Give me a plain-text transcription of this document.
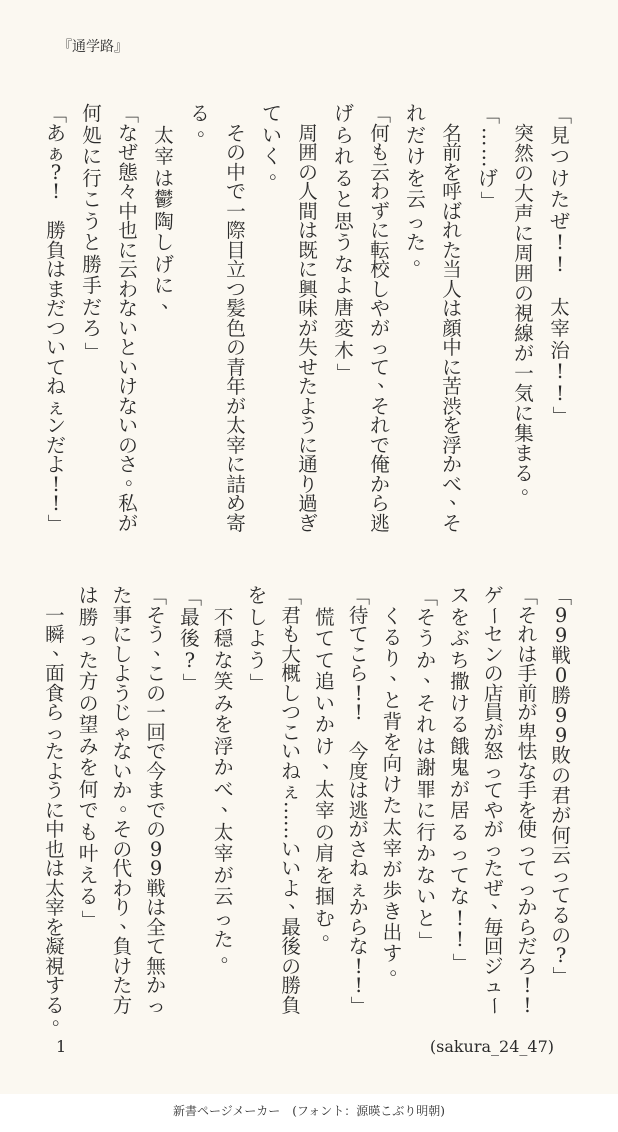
『通学路』
「
見
つ
け
た
ぜ
!
!

太
宰
治
!
!
」

突
然
の
大
声
に
周
囲
の
視
線
が
一
気
に
集
ま
る
。
「
…
…
げ
」

名
前
を
呼
ば
れ
た
当
人
は
顔
中
に
苦
渋
を
浮
か
べ
、
そ
れ
だ
け
を
云
っ
た
。
「
何
も
云
わ
ず
に
転
校
し
や
が
っ
て
、
そ
れ
で
俺
か
ら
逃
げ
ら
れ
る
と
思
う
な
よ
唐
変
木
」

周
囲
の
人
間
は
既
に
興
味
が
失
せ
た
よ
う
に
通
り
過
ぎ
て
い
く
。

そ
の
中
で
一
際
目
立
つ
髪
色
の
青
年
が
太
宰
に
詰
め
寄
る
。

太
宰
は
鬱
陶
し
げ
に
、
「
な
ぜ
態
々
中
也
に
云
わ
な
い
と
い
け
な
い
の
さ
。
私
が
何
処
に
行
こ
う
と
勝
手
だ
ろ
」
「
あ
ぁ
?
!

勝
負
は
ま
だ
つ
い
て
ね
ぇ
ン
だ
よ
!
!
」
「
9
9
戦
0
勝
9
9
敗
の
君
が
何
云
っ
て
る
の
?
」
「
そ
れ
は
手
前
が
卑
怯
な
手
を
使
っ
て
っ
か
ら
だ
ろ
!
!
ゲ
ー
セ
ン
の
店
員
が
怒
っ
て
や
が
っ
た
ぜ
、
毎
回
ジ
ュ
ー
ス
を
ぶ
ち
撒
け
る
餓
鬼
が
居
る
っ
て
な
!
!
」
「
そ
う
か
、
そ
れ
は
謝
罪
に
行
か
な
い
と
」

く
る
り
、
と
背
を
向
け
た
太
宰
が
歩
き
出
す
。
「
待
て
こ
ら
!
!

今
度
は
逃
が
さ
ね
ぇ
か
ら
な
!
!
」

慌
て
て
追
い
か
け
、
太
宰
の
肩
を
掴
む
。
「
君
も
大
概
し
つ
こ
い
ね
ぇ
…
…
い
い
よ
、
最
後
の
勝
負
を
し
よ
う
」

不
穏
な
笑
み
を
浮
か
べ
、
太
宰
が
云
っ
た
。
「
最
後
?
」
「
そ
う
、
こ
の
一
回
で
今
ま
で
の
9
9
戦
は
全
て
無
か
っ
た
事
に
し
よ
う
じ
ゃ
な
い
か
。
そ
の
代
わ
り
、
負
け
た
方
は
勝
っ
た
方
の
望
み
を
何
で
も
叶
え
る
」

一
瞬
、
面
食
ら
っ
た
よ
う
に
中
也
は
太
宰
を
凝
視
す
る
。
1	(sakura_24_47)
新書ページメーカー　(フォント：源暎こぶり明朝)
